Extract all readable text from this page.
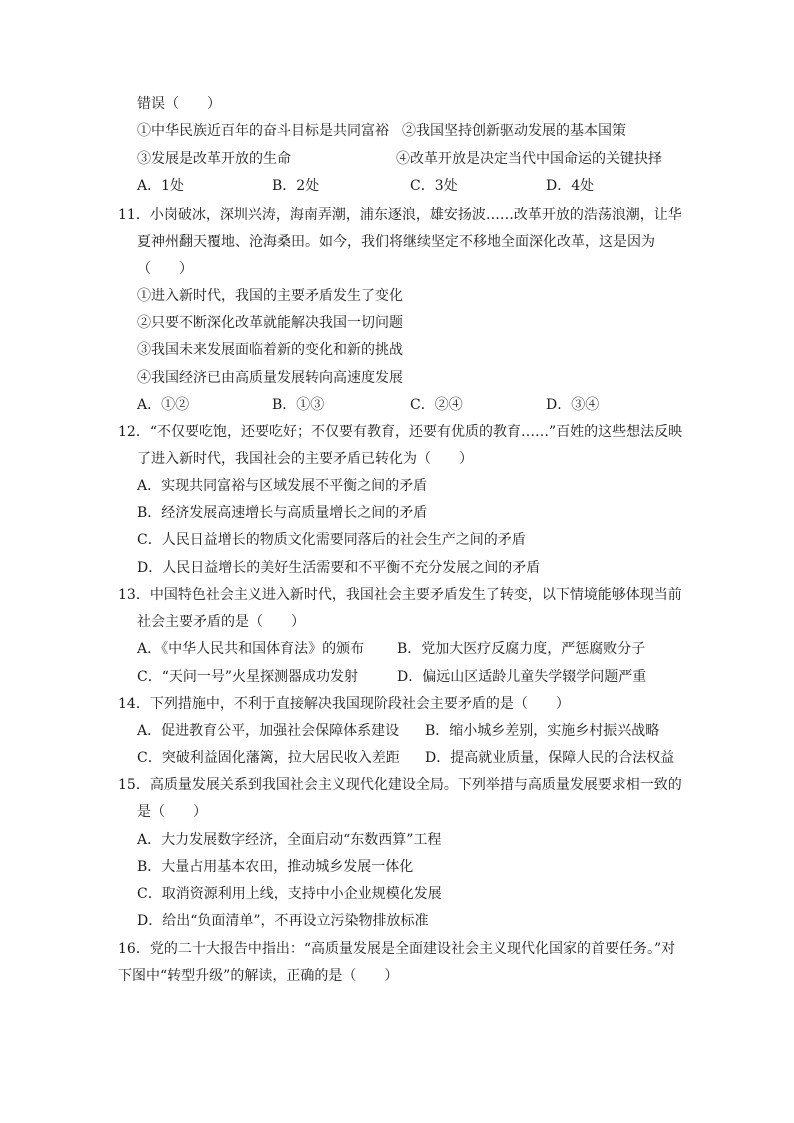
错误（　　）
①中华民族近百年的奋斗目标是共同富裕 ②我国坚持创新驱动发展的基本国策
③发展是改革开放的生命	④改革开放是决定当代中国命运的关键抉择
A．1处	B．2处	C．3处	D．4处
11．小岗破冰，深圳兴涛，海南弄潮，浦东逐浪，雄安扬波……改革开放的浩荡浪潮，让华
夏神州翻天覆地、沧海桑田。如今，我们将继续坚定不移地全面深化改革，这是因为
（　　）
①进入新时代，我国的主要矛盾发生了变化
②只要不断深化改革就能解决我国一切问题
③我国未来发展面临着新的变化和新的挑战
④我国经济已由高质量发展转向高速度发展
A．①②	B．①③	C．②④	D．③④
12．“不仅要吃饱，还要吃好；不仅要有教育，还要有优质的教育……”百姓的这些想法反映
了进入新时代，我国社会的主要矛盾已转化为（　　）
A．实现共同富裕与区域发展不平衡之间的矛盾
B．经济发展高速增长与高质量增长之间的矛盾
C．人民日益增长的物质文化需要同落后的社会生产之间的矛盾
D．人民日益增长的美好生活需要和不平衡不充分发展之间的矛盾
13．中国特色社会主义进入新时代，我国社会主要矛盾发生了转变，以下情境能够体现当前
社会主要矛盾的是（　　）
A．《中华人民共和国体育法》的颁布 B．党加大医疗反腐力度，严惩腐败分子
C．“天问一号”火星探测器成功发射	D．偏远山区适龄儿童失学辍学问题严重
14．下列措施中，不利于直接解决我国现阶段社会主要矛盾的是（　　）
A．促进教育公平，加强社会保障体系建设 B．缩小城乡差别，实施乡村振兴战略
C．突破利益固化藩篱，拉大居民收入差距 D．提高就业质量，保障人民的合法权益
15．高质量发展关系到我国社会主义现代化建设全局。下列举措与高质量发展要求相一致的
是（　　）
A．大力发展数字经济，全面启动“东数西算”工程
B．大量占用基本农田，推动城乡发展一体化
C．取消资源利用上线，支持中小企业规模化发展
D．给出“负面清单”，不再设立污染物排放标准
16．党的二十大报告中指出：“高质量发展是全面建设社会主义现代化国家的首要任务。”对
下图中“转型升级”的解读，正确的是（　　）
